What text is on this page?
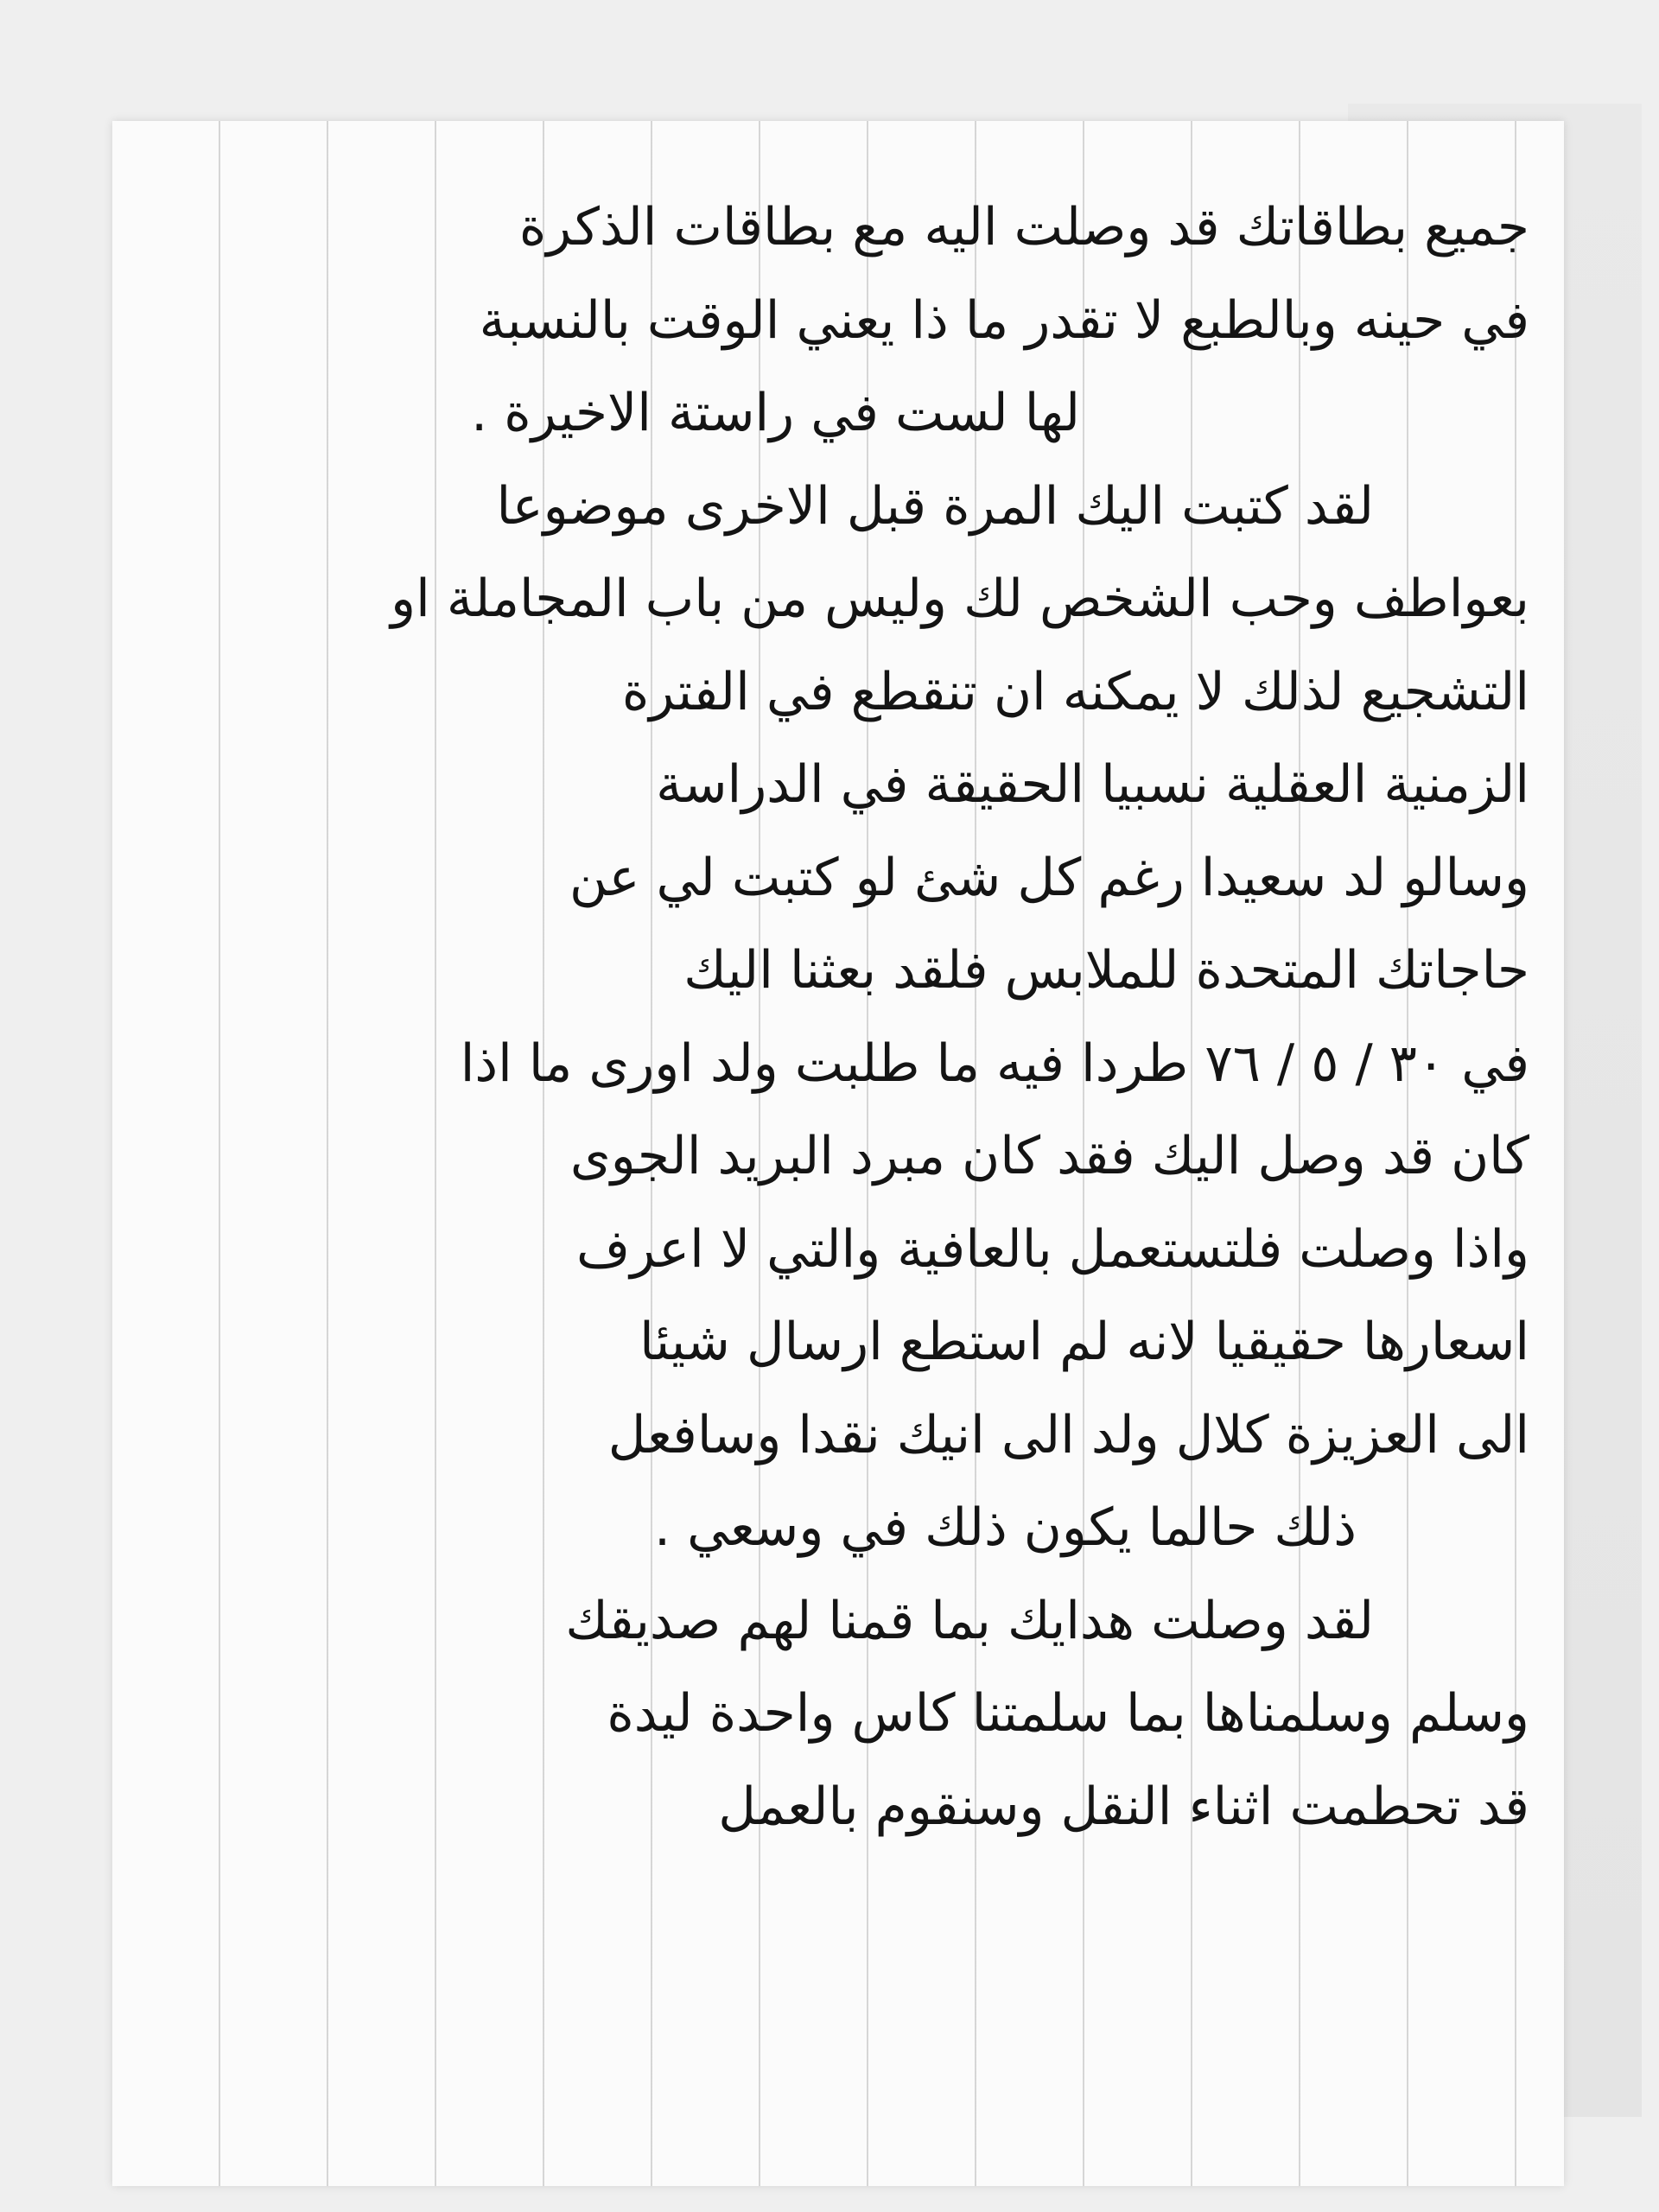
جميع بطاقاتك قد وصلت اليه مع بطاقات الذكرة
في حينه وبالطبع لا تقدر ما ذا يعني الوقت بالنسبة
لها لست في راستة الاخيرة .
لقد كتبت اليك المرة قبل الاخرى موضوعا
بعواطف وحب الشخص لك وليس من باب المجاملة او
التشجيع لذلك لا يمكنه ان تنقطع في الفترة
الزمنية العقلية نسبيا الحقيقة في الدراسة
وسالو لد سعيدا رغم كل شئ لو كتبت لي عن
حاجاتك المتحدة للملابس فلقد بعثنا اليك
في ٣٠ / ٥ / ٧٦ طردا فيه ما طلبت ولد اورى ما اذا
كان قد وصل اليك فقد كان مبرد البريد الجوى
واذا وصلت فلتستعمل بالعافية والتي لا اعرف
اسعارها حقيقيا لانه لم استطع ارسال شيئا
الى العزيزة كلال ولد الى انيك نقدا وسافعل
ذلك حالما يكون ذلك في وسعي .
لقد وصلت هدايك بما قمنا لهم صديقك
وسلم وسلمناها بما سلمتنا كاس واحدة ليدة
قد تحطمت اثناء النقل وسنقوم بالعمل
